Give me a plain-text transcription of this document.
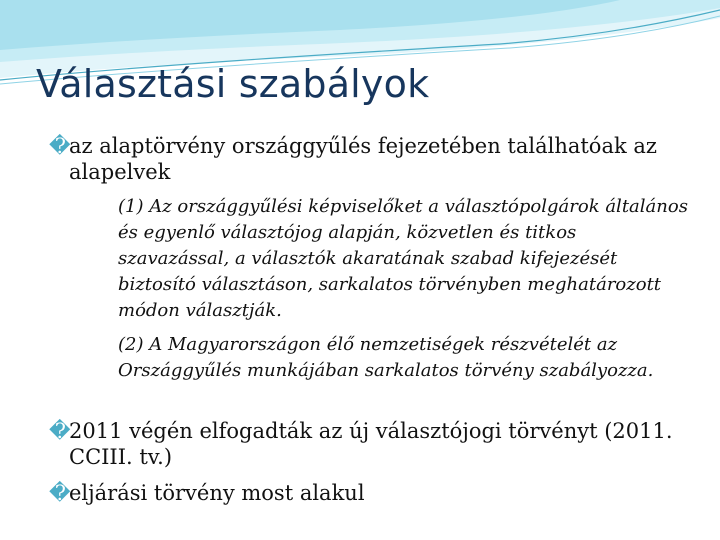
Választási szabályok
�az alaptörvény országgyűlés fejezetében találhatóak az alapelvek
(1) Az országgyűlési képviselőket a választópolgárok általános és egyenlő választójog alapján, közvetlen és titkos szavazással, a választók akaratának szabad kifejezését biztosító választáson, sarkalatos törvényben meghatározott módon választják.
(2) A Magyarországon élő nemzetiségek részvételét az Országgyűlés munkájában sarkalatos törvény szabályozza.
�2011 végén elfogadták az új választójogi törvényt (2011. CCIII. tv.)
�eljárási törvény most alakul
